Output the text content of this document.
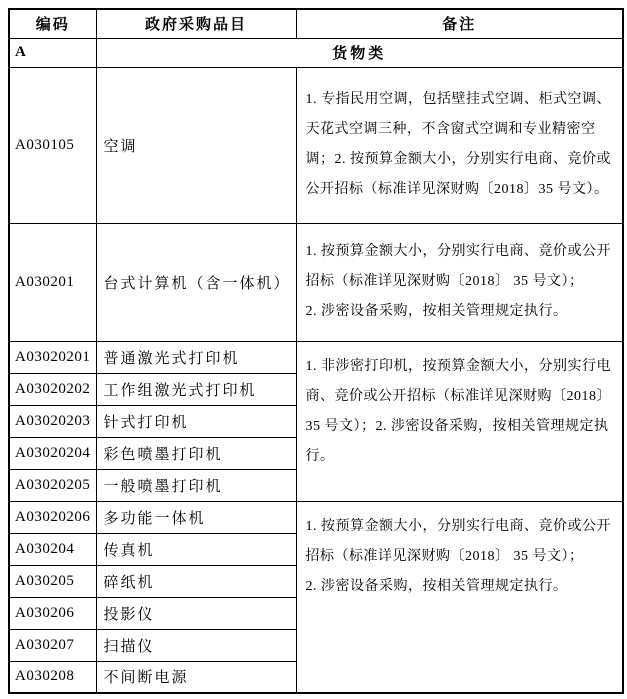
编码	政府采购品目	备注
A	货物类	
A030105	空调	1. 专指民用空调，包括壁挂式空调、柜式空调、天花式空调三种，不含窗式空调和专业精密空调；2. 按预算金额大小，分别实行电商、竞价或公开招标（标准详见深财购〔2018〕35 号文）。

A030201	台式计算机（含一体机）	1. 按预算金额大小，分别实行电商、竞价或公开招标（标准详见深财购〔2018〕 35 号文）；

2. 涉密设备采购，按相关管理规定执行。

A03020201	普通激光式打印机	1. 非涉密打印机，按预算金额大小，分别实行电商、竞价或公开招标（标准详见深财购〔2018〕 35 号文）；2. 涉密设备采购，按相关管理规定执行。

A03020202	工作组激光式打印机	
A03020203	针式打印机	
A03020204	彩色喷墨打印机	
A03020205	一般喷墨打印机	
A03020206	多功能一体机	1. 按预算金额大小，分别实行电商、竞价或公开招标（标准详见深财购〔2018〕 35 号文）；

2. 涉密设备采购，按相关管理规定执行。

A030204	传真机	
A030205	碎纸机	
A030206	投影仪	
A030207	扫描仪	
A030208	不间断电源	
